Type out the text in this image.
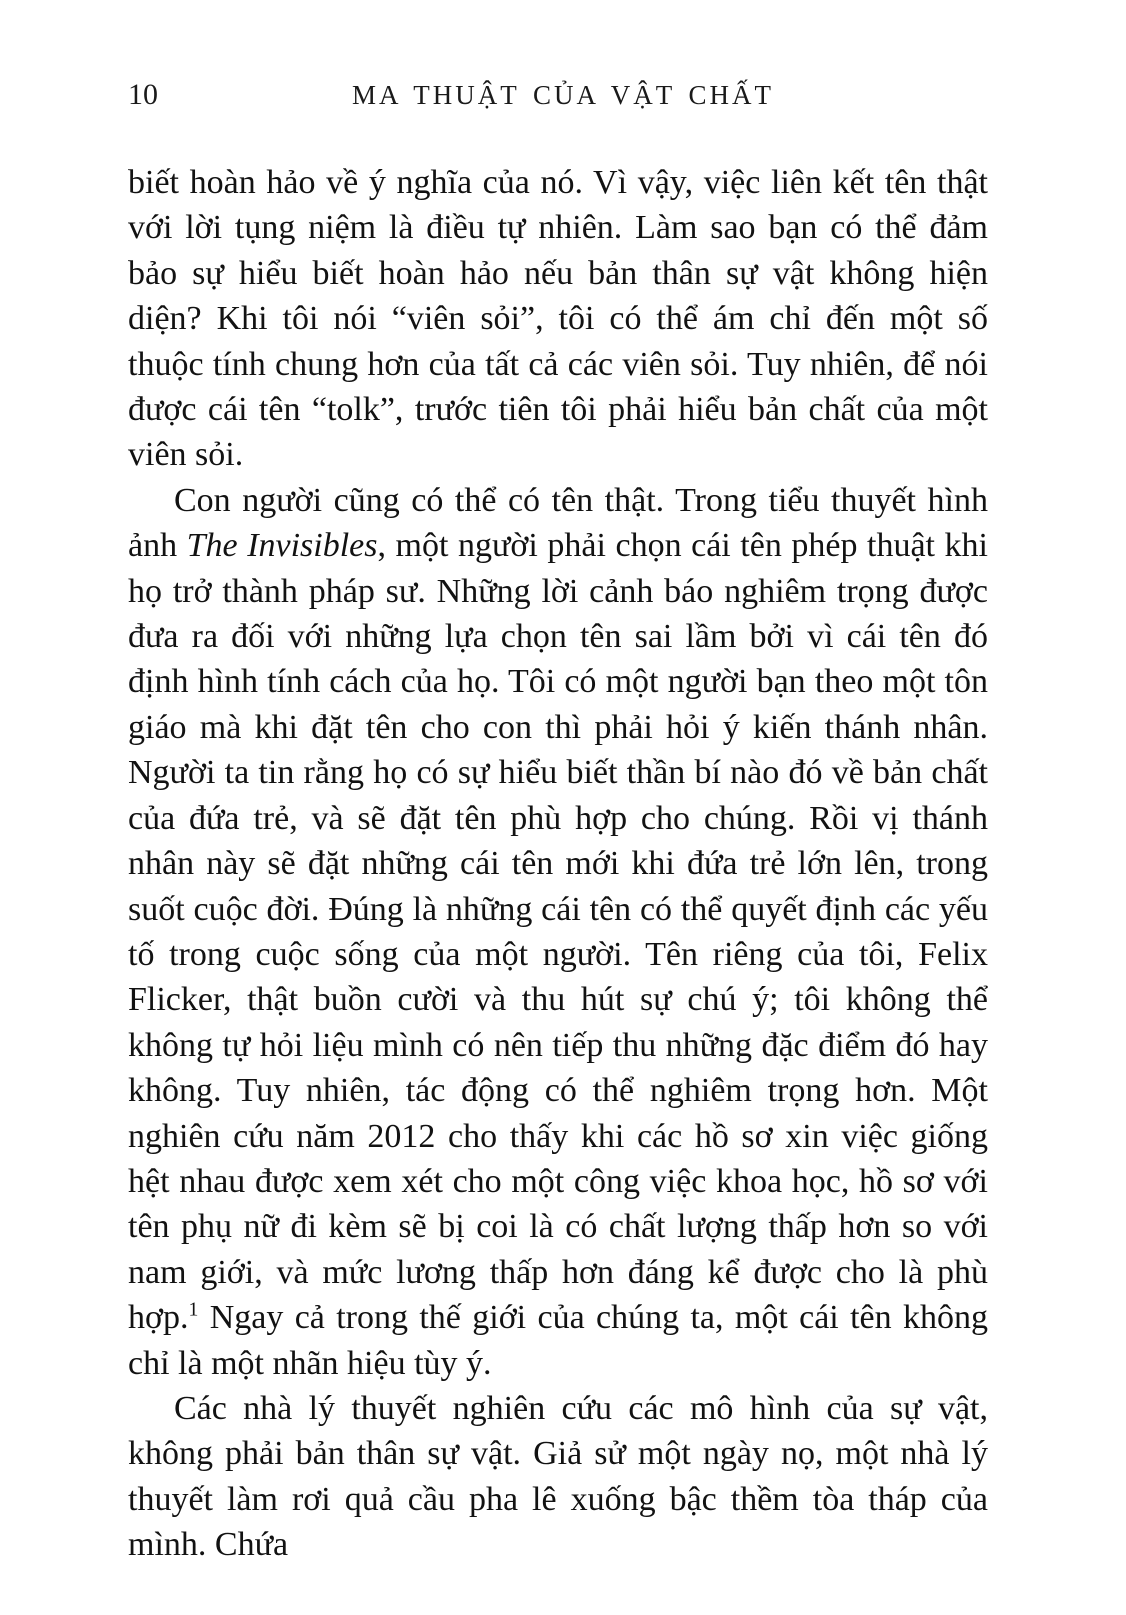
10	MA THUẬT CỦA VẬT CHẤT

biết hoàn hảo về ý nghĩa của nó. Vì vậy, việc liên kết tên thật với lời tụng niệm là điều tự nhiên. Làm sao bạn có thể đảm bảo sự hiểu biết hoàn hảo nếu bản thân sự vật không hiện diện? Khi tôi nói “viên sỏi”, tôi có thể ám chỉ đến một số thuộc tính chung hơn của tất cả các viên sỏi. Tuy nhiên, để nói được cái tên “tolk”, trước tiên tôi phải hiểu bản chất của một viên sỏi.

Con người cũng có thể có tên thật. Trong tiểu thuyết hình ảnh The Invisibles, một người phải chọn cái tên phép thuật khi họ trở thành pháp sư. Những lời cảnh báo nghiêm trọng được đưa ra đối với những lựa chọn tên sai lầm bởi vì cái tên đó định hình tính cách của họ. Tôi có một người bạn theo một tôn giáo mà khi đặt tên cho con thì phải hỏi ý kiến thánh nhân. Người ta tin rằng họ có sự hiểu biết thần bí nào đó về bản chất của đứa trẻ, và sẽ đặt tên phù hợp cho chúng. Rồi vị thánh nhân này sẽ đặt những cái tên mới khi đứa trẻ lớn lên, trong suốt cuộc đời. Đúng là những cái tên có thể quyết định các yếu tố trong cuộc sống của một người. Tên riêng của tôi, Felix Flicker, thật buồn cười và thu hút sự chú ý; tôi không thể không tự hỏi liệu mình có nên tiếp thu những đặc điểm đó hay không. Tuy nhiên, tác động có thể nghiêm trọng hơn. Một nghiên cứu năm 2012 cho thấy khi các hồ sơ xin việc giống hệt nhau được xem xét cho một công việc khoa học, hồ sơ với tên phụ nữ đi kèm sẽ bị coi là có chất lượng thấp hơn so với nam giới, và mức lương thấp hơn đáng kể được cho là phù hợp.$^1$ Ngay cả trong thế giới của chúng ta, một cái tên không chỉ là một nhãn hiệu tùy ý.

Các nhà lý thuyết nghiên cứu các mô hình của sự vật, không phải bản thân sự vật. Giả sử một ngày nọ, một nhà lý thuyết làm rơi quả cầu pha lê xuống bậc thềm tòa tháp của mình. Chứa
